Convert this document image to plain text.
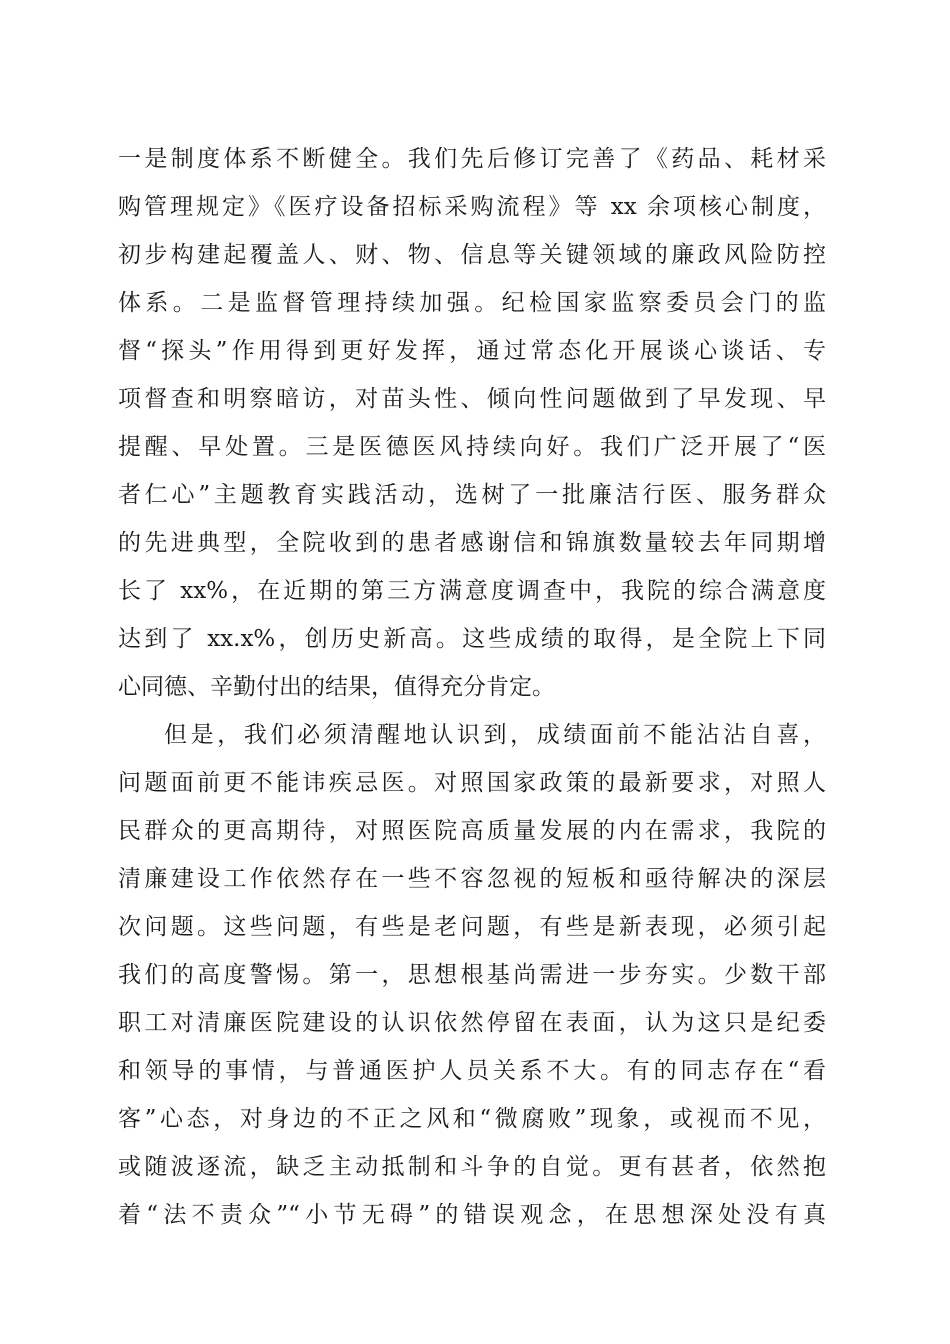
一是制度体系不断健全。我们先后修订完善了《药品、耗材采
购管理规定》《医疗设备招标采购流程》等 xx 余项核心制度，
初步构建起覆盖人、财、物、信息等关键领域的廉政风险防控
体系。二是监督管理持续加强。纪检国家监察委员会门的监
督“探头”作用得到更好发挥，通过常态化开展谈心谈话、专
项督查和明察暗访，对苗头性、倾向性问题做到了早发现、早
提醒、早处置。三是医德医风持续向好。我们广泛开展了“医
者仁心”主题教育实践活动，选树了一批廉洁行医、服务群众
的先进典型，全院收到的患者感谢信和锦旗数量较去年同期增
长了 xx%，在近期的第三方满意度调查中，我院的综合满意度
达到了 xx.x%，创历史新高。这些成绩的取得，是全院上下同
心同德、辛勤付出的结果，值得充分肯定。
但是，我们必须清醒地认识到，成绩面前不能沾沾自喜，
问题面前更不能讳疾忌医。对照国家政策的最新要求，对照人
民群众的更高期待，对照医院高质量发展的内在需求，我院的
清廉建设工作依然存在一些不容忽视的短板和亟待解决的深层
次问题。这些问题，有些是老问题，有些是新表现，必须引起
我们的高度警惕。第一，思想根基尚需进一步夯实。少数干部
职工对清廉医院建设的认识依然停留在表面，认为这只是纪委
和领导的事情，与普通医护人员关系不大。有的同志存在“看
客”心态，对身边的不正之风和“微腐败”现象，或视而不见，
或随波逐流，缺乏主动抵制和斗争的自觉。更有甚者，依然抱
着“法不责众”“小节无碍”的错误观念，在思想深处没有真
